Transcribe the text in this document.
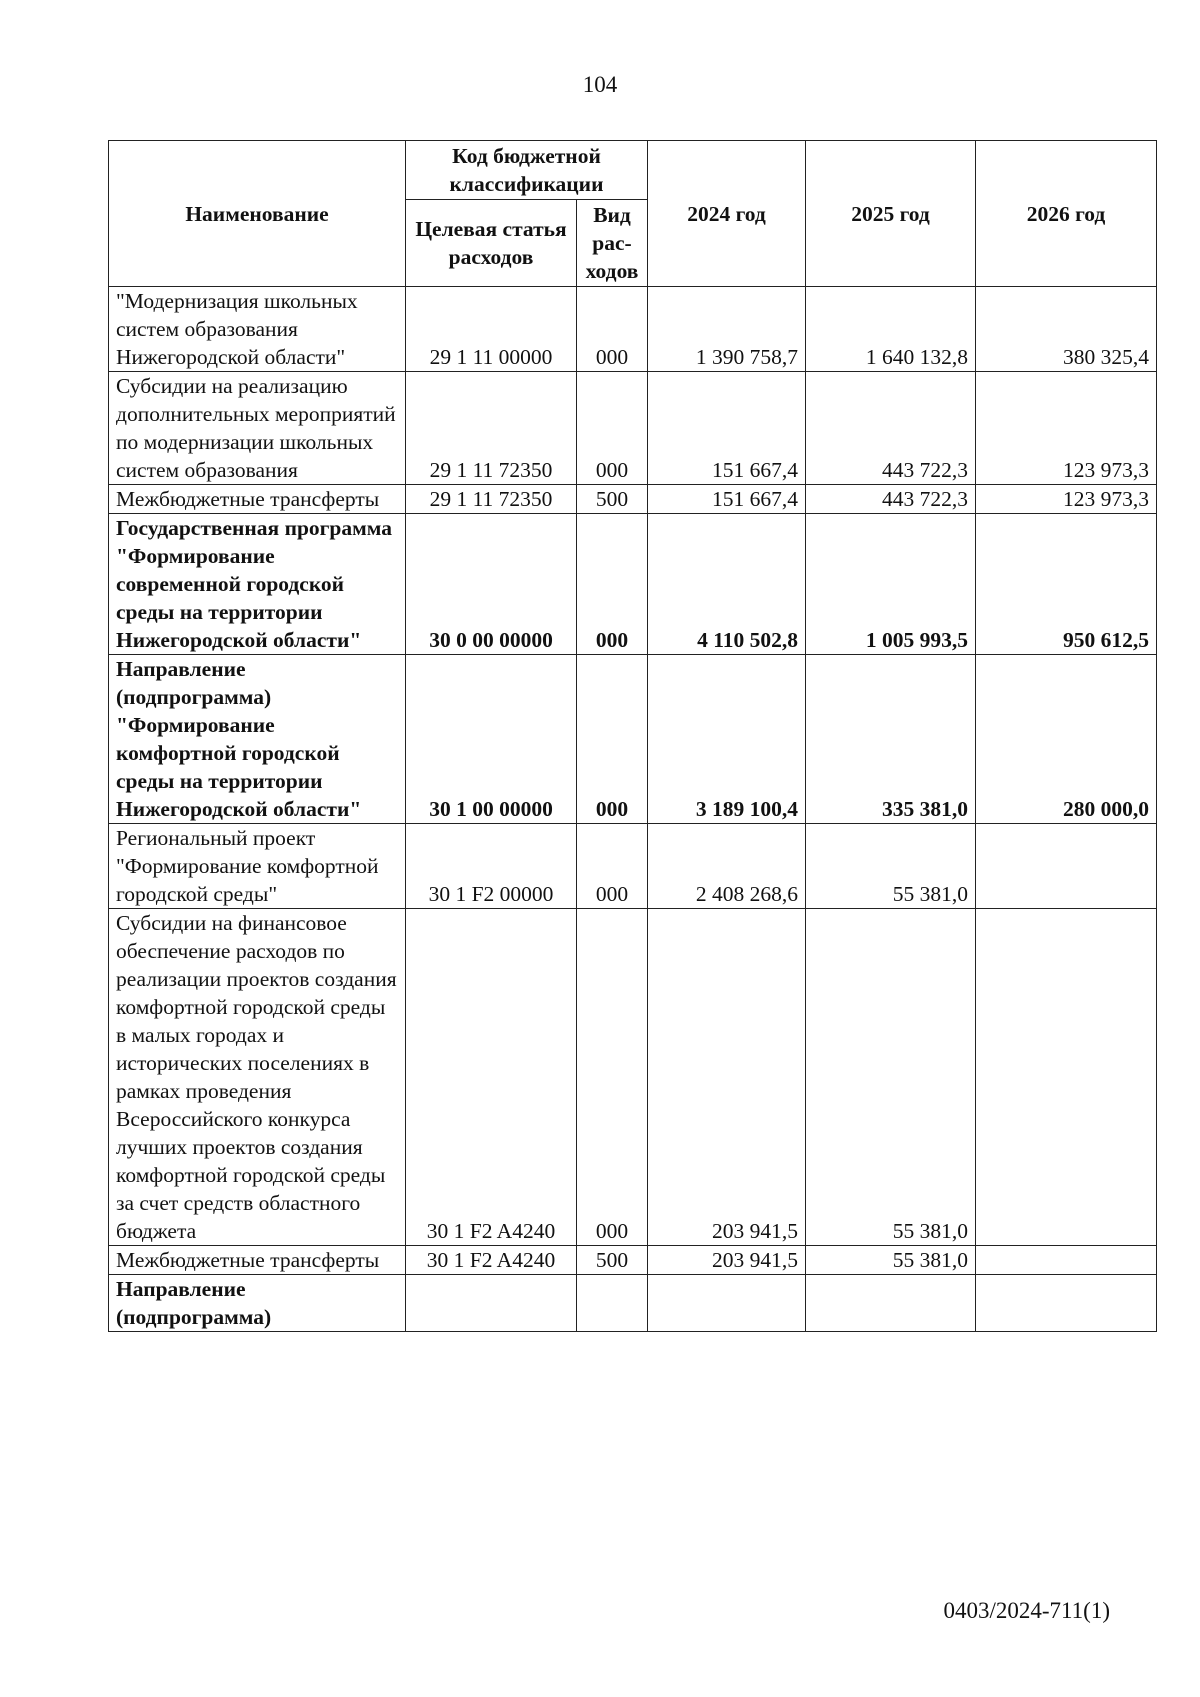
104
Наименование	Код бюджетной классификации		2024 год	2025 год	2026 год
	Целевая статья расходов	Вид рас-ходов			
"Модернизация школьных систем образования Нижегородской области"	29 1 11 00000	000	1 390 758,7	1 640 132,8	380 325,4
Субсидии на реализацию дополнительных мероприятий по модернизации школьных систем образования	29 1 11 72350	000	151 667,4	443 722,3	123 973,3
Межбюджетные трансферты	29 1 11 72350	500	151 667,4	443 722,3	123 973,3
Государственная программа "Формирование современной городской среды на территории Нижегородской области"	30 0 00 00000	000	4 110 502,8	1 005 993,5	950 612,5
Направление (подпрограмма) "Формирование комфортной городской среды на территории Нижегородской области"	30 1 00 00000	000	3 189 100,4	335 381,0	280 000,0
Региональный проект "Формирование комфортной городской среды"	30 1 F2 00000	000	2 408 268,6	55 381,0	
Субсидии на финансовое обеспечение расходов по реализации проектов создания комфортной городской среды в малых городах и исторических поселениях в рамках проведения Всероссийского конкурса лучших проектов создания комфортной городской среды за счет средств областного бюджета	30 1 F2 A4240	000	203 941,5	55 381,0	
Межбюджетные трансферты	30 1 F2 A4240	500	203 941,5	55 381,0	
Направление (подпрограмма)					
0403/2024-711(1)
